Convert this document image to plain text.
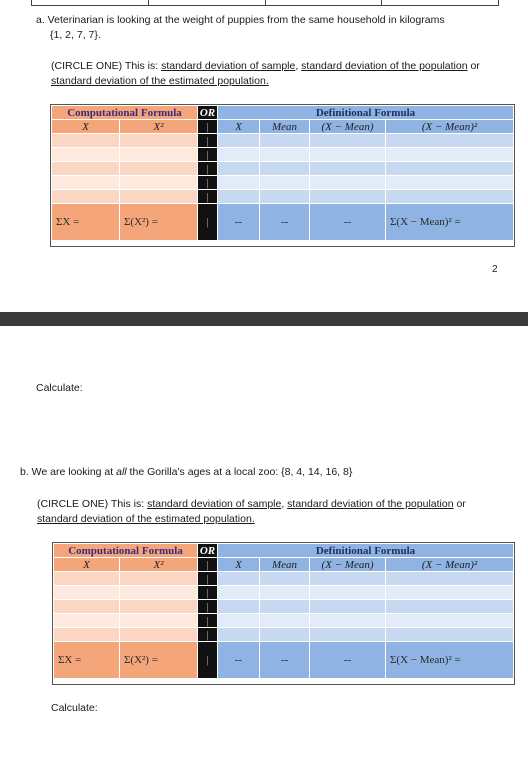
a. Veterinarian is looking at the weight of puppies from the same household in kilograms
{1, 2, 7, 7}.
(CIRCLE ONE) This is: standard deviation of sample, standard deviation of the population or
standard deviation of the estimated population.
Computational Formula		OR	Definitional Formula			
X	X²	|	X	Mean	(X − Mean)	(X − Mean)²
		|				
		|				
		|				
		|				
		|				
ΣX =	Σ(X²) =	|	--	--	--	Σ(X − Mean)² =
2
Calculate:
b. We are looking at all the Gorilla’s ages at a local zoo: {8, 4, 14, 16, 8}
(CIRCLE ONE) This is: standard deviation of sample, standard deviation of the population or
standard deviation of the estimated population.
Computational Formula		OR	Definitional Formula			
X	X²	|	X	Mean	(X − Mean)	(X − Mean)²
		|				
		|				
		|				
		|				
		|				
ΣX =	Σ(X²) =	|	--	--	--	Σ(X − Mean)² =
Calculate:
